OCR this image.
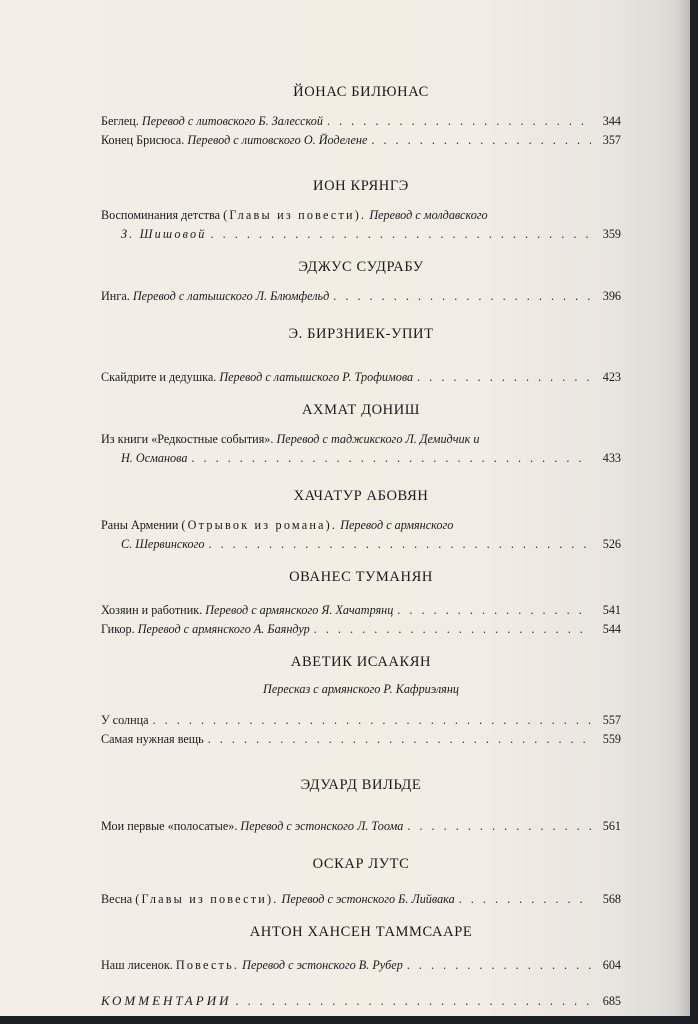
ЙОНАС БИЛЮНАС
Беглец. Перевод с литовского Б. Залесской . . .	344
Конец Брисюса. Перевод с литовского О. Йоделене . . .	357
ИОН КРЯНГЭ
Воспоминания детства (Главы из повести). Перевод с молдавского
З. Шишовой . . .	359
ЭДЖУС СУДРАБУ
Инга. Перевод с латышского Л. Блюмфельд . . .	396
Э. БИРЗНИЕК-УПИТ
Скайдрите и дедушка. Перевод с латышского Р. Трофимова . . .	423
АХМАТ ДОНИШ
Из книги «Редкостные события». Перевод с таджикского Л. Демидчик и
Н. Османова . . .	433
ХАЧАТУР АБОВЯН
Раны Армении (Отрывок из романа). Перевод с армянского
С. Шервинского . . .	526
ОВАНЕС ТУМАНЯН
Хозяин и работник. Перевод с армянского Я. Хачатрянц . . .	541
Гикор. Перевод с армянского А. Баяндур . . .	544
АВЕТИК ИСААКЯН
Пересказ с армянского Р. Кафриэлянц
У солнца . . .	557
Самая нужная вещь . . .	559
ЭДУАРД ВИЛЬДЕ
Мои первые «полосатые». Перевод с эстонского Л. Тоома . . .	561
ОСКАР ЛУТС
Весна (Главы из повести). Перевод с эстонского Б. Лийвака . . .	568
АНТОН ХАНСЕН ТАММСААРЕ
Наш лисенок. Повесть. Перевод с эстонского В. Рубер . . .	604
КОММЕНТАРИИ . . .	685
